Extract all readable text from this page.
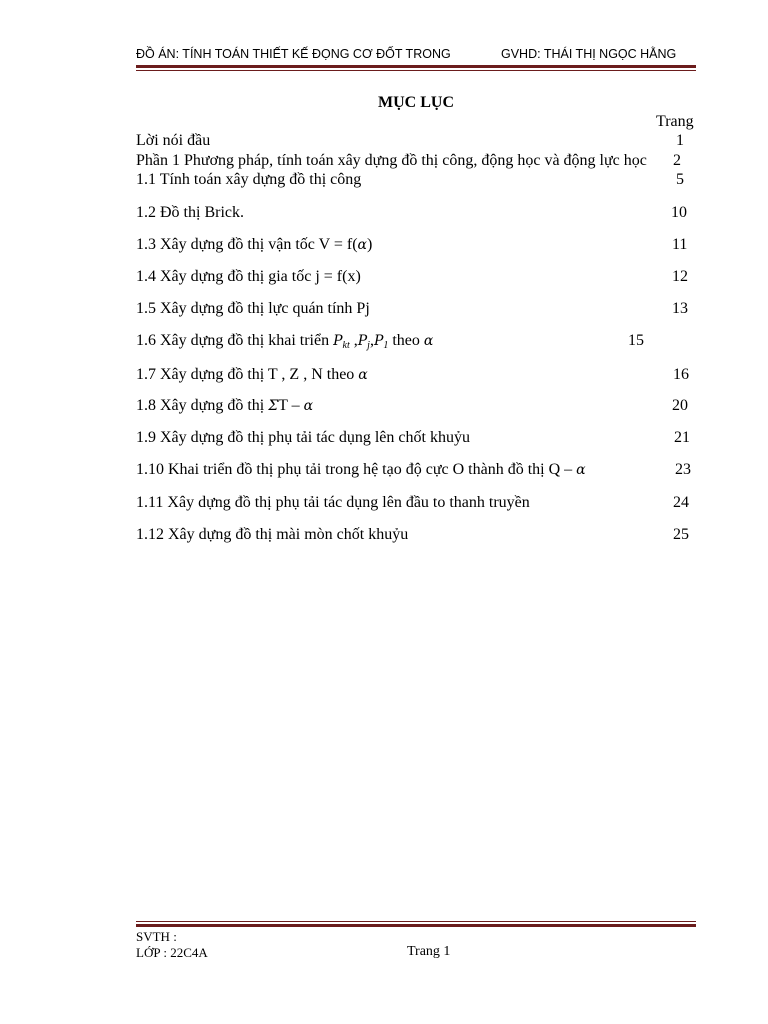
ĐỒ ÁN: TÍNH TOÁN THIẾT KẾ ĐỌNG CƠ ĐỐT TRONG	GVHD: THÁI THỊ NGỌC HẰNG
MỤC LỤC
Trang
Lời nói đầu	1
Phần 1 Phương pháp, tính toán xây dựng đồ thị công, động học và động lực học 2
1.1 Tính toán xây dựng đồ thị công	5
1.2 Đồ thị Brick.	10
1.3 Xây dựng đồ thị vận tốc V = f(α)	11
1.4 Xây dựng đồ thị gia tốc j = f(x)	12
1.5 Xây dựng đồ thị lực quán tính Pj	13
1.6 Xây dựng đồ thị khai triển $P_{kt}$ $,P_j,P_1$ theo α	15
1.7 Xây dựng đồ thị T , Z , N theo α	16
1.8 Xây dựng đồ thị ΣT – α	20
1.9 Xây dựng đồ thị phụ tải tác dụng lên chốt khuỷu	21
1.10 Khai triển đồ thị phụ tải trong hệ tạo độ cực O thành đồ thị Q – α	23
1.11 Xây dựng đồ thị phụ tải tác dụng lên đầu to thanh truyền	24
1.12 Xây dựng đồ thị mài mòn chốt khuỷu	25
SVTH :
LỚP : 22C4A	Trang 1
